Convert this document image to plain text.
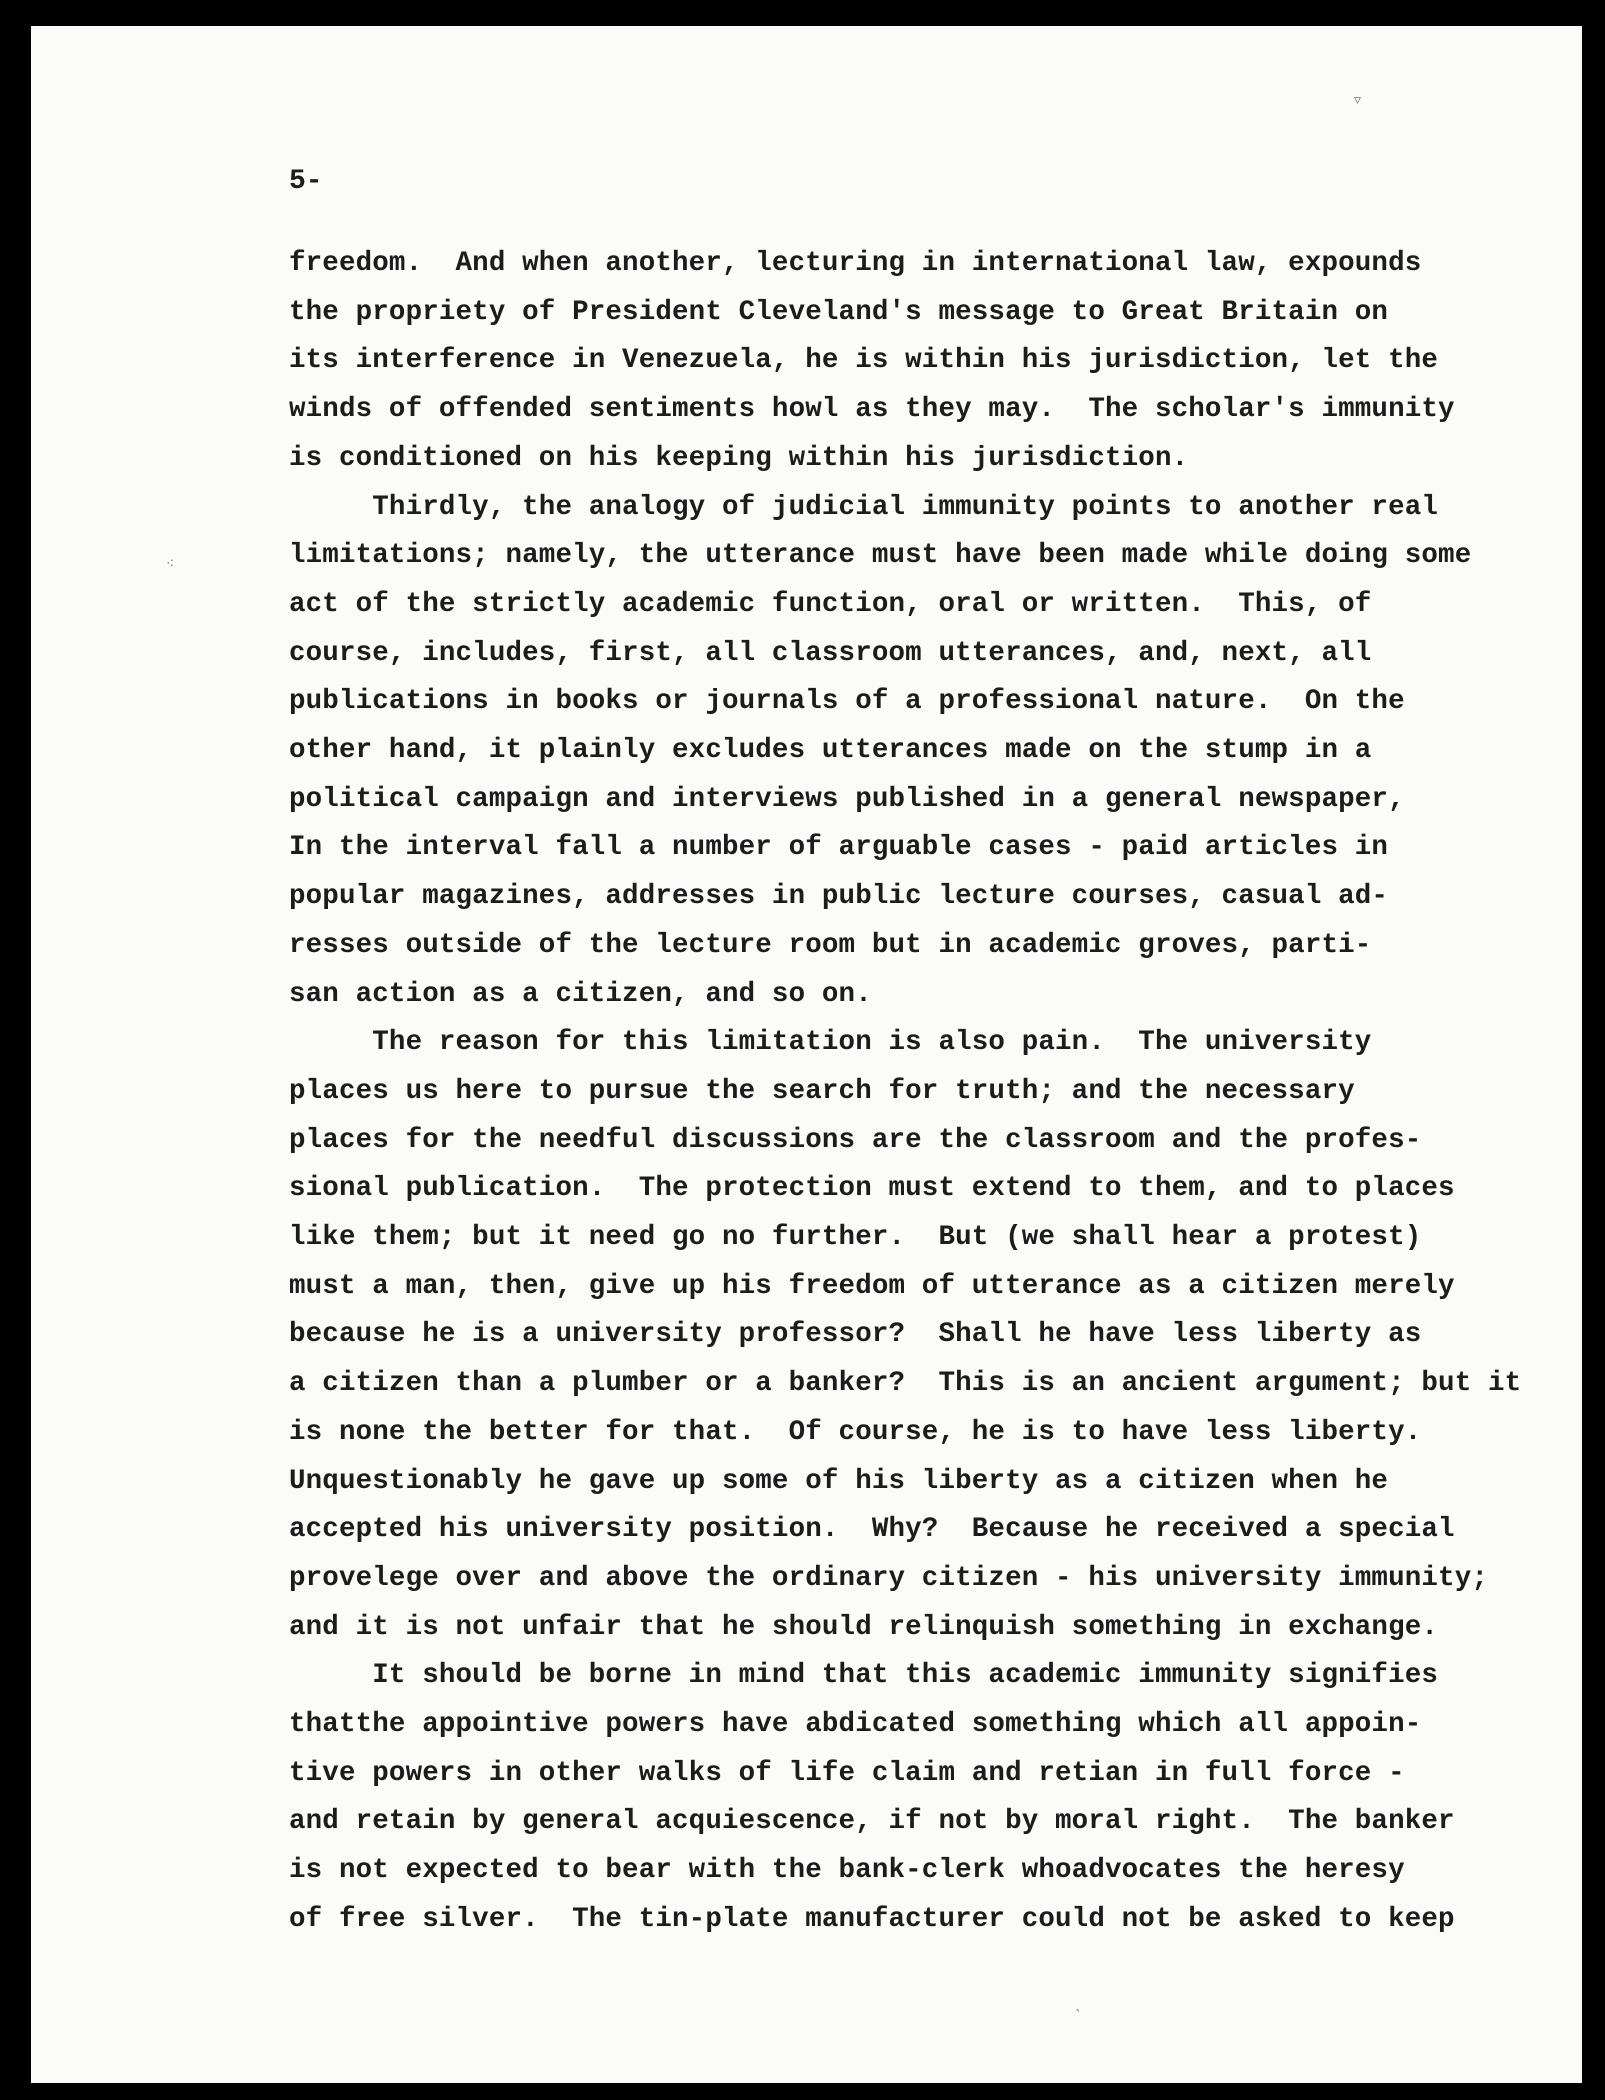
5-
freedom.  And when another, lecturing in international law, expounds
the propriety of President Cleveland's message to Great Britain on
its interference in Venezuela, he is within his jurisdiction, let the
winds of offended sentiments howl as they may.  The scholar's immunity
is conditioned on his keeping within his jurisdiction.
Thirdly, the analogy of judicial immunity points to another real
limitations; namely, the utterance must have been made while doing some
act of the strictly academic function, oral or written.  This, of
course, includes, first, all classroom utterances, and, next, all
publications in books or journals of a professional nature.  On the
other hand, it plainly excludes utterances made on the stump in a
political campaign and interviews published in a general newspaper,
In the interval fall a number of arguable cases - paid articles in
popular magazines, addresses in public lecture courses, casual ad-
resses outside of the lecture room but in academic groves, parti-
san action as a citizen, and so on.
The reason for this limitation is also pain.  The university
places us here to pursue the search for truth; and the necessary
places for the needful discussions are the classroom and the profes-
sional publication.  The protection must extend to them, and to places
like them; but it need go no further.  But (we shall hear a protest)
must a man, then, give up his freedom of utterance as a citizen merely
because he is a university professor?  Shall he have less liberty as
a citizen than a plumber or a banker?  This is an ancient argument; but it
is none the better for that.  Of course, he is to have less liberty.
Unquestionably he gave up some of his liberty as a citizen when he
accepted his university position.  Why?  Because he received a special
provelege over and above the ordinary citizen - his university immunity;
and it is not unfair that he should relinquish something in exchange.
It should be borne in mind that this academic immunity signifies
thatthe appointive powers have abdicated something which all appoin-
tive powers in other walks of life claim and retian in full force -
and retain by general acquiescence, if not by moral right.  The banker
is not expected to bear with the bank-clerk whoadvocates the heresy
of free silver.  The tin-plate manufacturer could not be asked to keep
▿
⁖
ˎ
